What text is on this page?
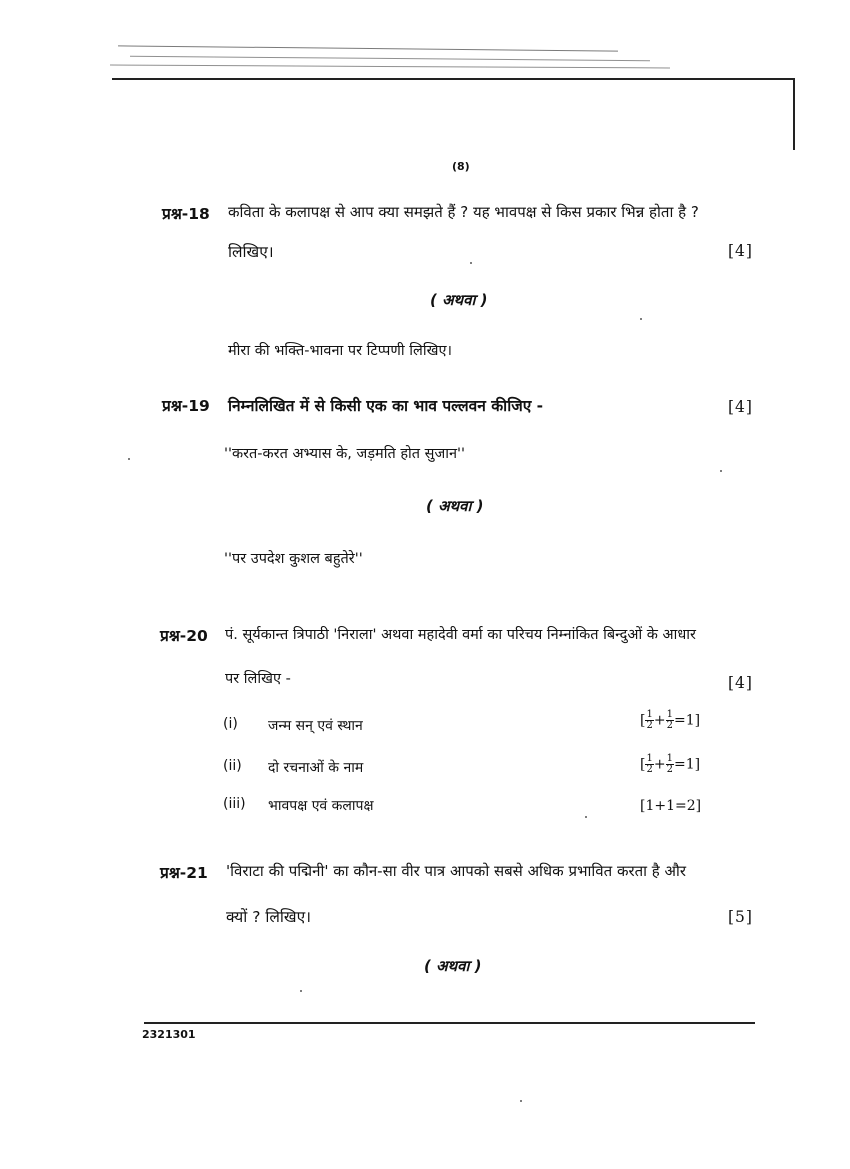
(8)
प्रश्न-18 कविता के कलापक्ष से आप क्या समझते हैं ? यह भावपक्ष से किस प्रकार भिन्न होता है ?
लिखिए।	[4]
( अथवा )
मीरा की भक्ति-भावना पर टिप्पणी लिखिए।
प्रश्न-19 निम्नलिखित में से किसी एक का भाव पल्लवन कीजिए -	[4]
''करत-करत अभ्यास के, जड़मति होत सुजान''
( अथवा )
''पर उपदेश कुशल बहुतेरे''
प्रश्न-20 पं. सूर्यकान्त त्रिपाठी 'निराला' अथवा महादेवी वर्मा का परिचय निम्नांकित बिन्दुओं के आधार
पर लिखिए -	[4]
(i) जन्म सन् एवं स्थान	[ $\frac{1}{2} + \frac{1}{2} =1$]
(ii) दो रचनाओं के नाम	[ $\frac{1}{2} + \frac{1}{2} =1$]
(iii) भावपक्ष एवं कलापक्ष	[1+1=2]
प्रश्न-21 'विराटा की पद्मिनी' का कौन-सा वीर पात्र आपको सबसे अधिक प्रभावित करता है और
क्यों ? लिखिए।	[5]
( अथवा )
2321301
